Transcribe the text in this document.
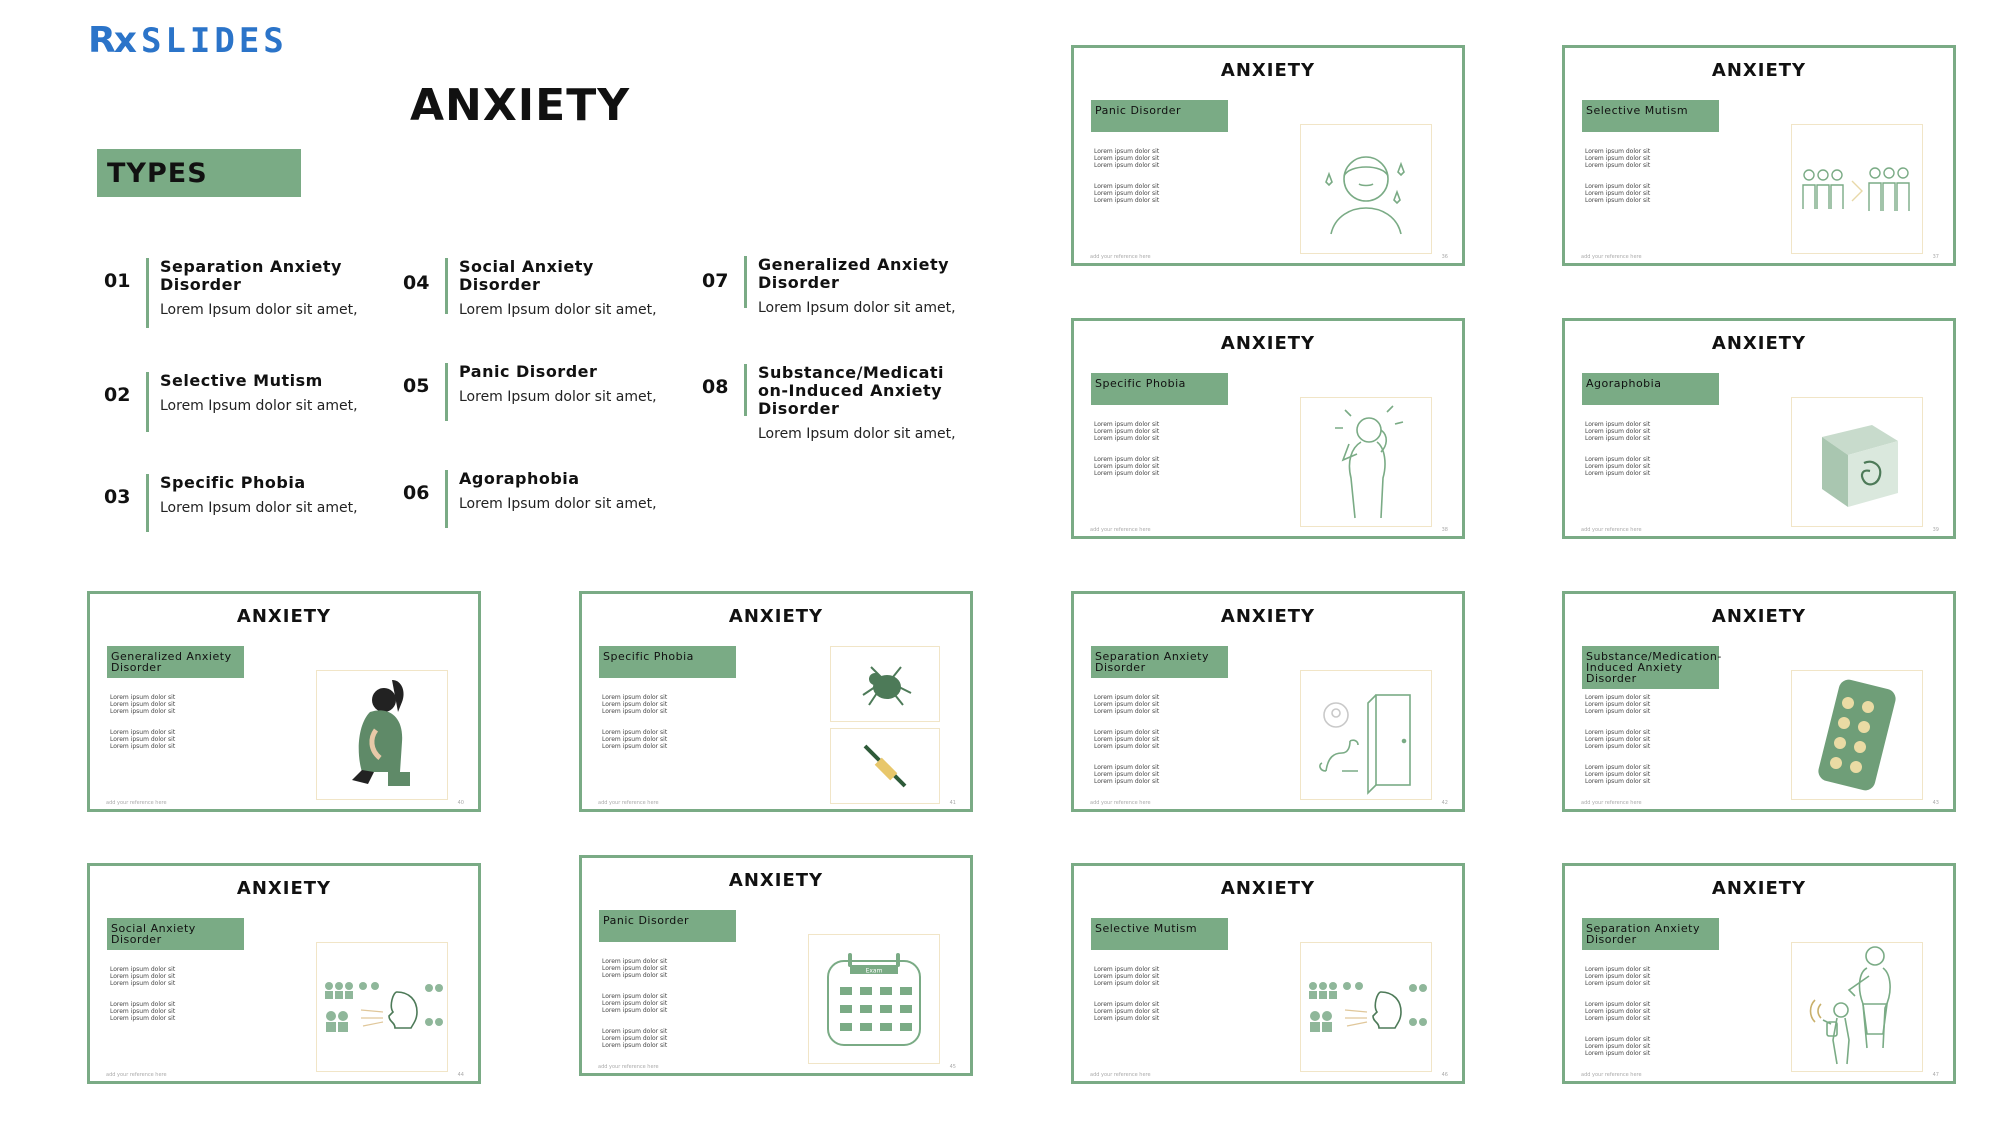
Rx SLIDES
ANXIETY
TYPES
01
Separation Anxiety Disorder
Lorem Ipsum dolor sit amet,
02
Selective Mutism
Lorem Ipsum dolor sit amet,
03
Specific Phobia
Lorem Ipsum dolor sit amet,
04
Social Anxiety Disorder
Lorem Ipsum dolor sit amet,
05
Panic Disorder
Lorem Ipsum dolor sit amet,
06
Agoraphobia
Lorem Ipsum dolor sit amet,
07
Generalized Anxiety Disorder
Lorem Ipsum dolor sit amet,
08
Substance/Medicati on-Induced Anxiety Disorder
Lorem Ipsum dolor sit amet,
ANXIETY
Panic Disorder
Lorem ipsum dolor sit
Lorem ipsum dolor sit
Lorem ipsum dolor sit
Lorem ipsum dolor sit
Lorem ipsum dolor sit
Lorem ipsum dolor sit
add your reference here	36
ANXIETY
Selective Mutism
Lorem ipsum dolor sit
Lorem ipsum dolor sit
Lorem ipsum dolor sit
Lorem ipsum dolor sit
Lorem ipsum dolor sit
Lorem ipsum dolor sit
add your reference here	37
ANXIETY
Specific Phobia
Lorem ipsum dolor sit
Lorem ipsum dolor sit
Lorem ipsum dolor sit
Lorem ipsum dolor sit
Lorem ipsum dolor sit
Lorem ipsum dolor sit
add your reference here	38
ANXIETY
Agoraphobia
Lorem ipsum dolor sit
Lorem ipsum dolor sit
Lorem ipsum dolor sit
Lorem ipsum dolor sit
Lorem ipsum dolor sit
Lorem ipsum dolor sit
add your reference here	39
ANXIETY
Generalized Anxiety Disorder
Lorem ipsum dolor sit
Lorem ipsum dolor sit
Lorem ipsum dolor sit
Lorem ipsum dolor sit
Lorem ipsum dolor sit
Lorem ipsum dolor sit
add your reference here	40
ANXIETY
Specific Phobia
Lorem ipsum dolor sit
Lorem ipsum dolor sit
Lorem ipsum dolor sit
Lorem ipsum dolor sit
Lorem ipsum dolor sit
Lorem ipsum dolor sit
add your reference here	41
ANXIETY
Separation Anxiety Disorder
Lorem ipsum dolor sit
Lorem ipsum dolor sit
Lorem ipsum dolor sit
Lorem ipsum dolor sit
Lorem ipsum dolor sit
Lorem ipsum dolor sit
Lorem ipsum dolor sit
Lorem ipsum dolor sit
Lorem ipsum dolor sit
add your reference here	42
ANXIETY
Substance/Medication-Induced Anxiety Disorder
Lorem ipsum dolor sit
Lorem ipsum dolor sit
Lorem ipsum dolor sit
Lorem ipsum dolor sit
Lorem ipsum dolor sit
Lorem ipsum dolor sit
Lorem ipsum dolor sit
Lorem ipsum dolor sit
Lorem ipsum dolor sit
add your reference here	43
ANXIETY
Social Anxiety Disorder
Lorem ipsum dolor sit
Lorem ipsum dolor sit
Lorem ipsum dolor sit
Lorem ipsum dolor sit
Lorem ipsum dolor sit
Lorem ipsum dolor sit
add your reference here	44
ANXIETY
Panic Disorder
Lorem ipsum dolor sit
Lorem ipsum dolor sit
Lorem ipsum dolor sit
Lorem ipsum dolor sit
Lorem ipsum dolor sit
Lorem ipsum dolor sit
Lorem ipsum dolor sit
Lorem ipsum dolor sit
Lorem ipsum dolor sit
Exam
add your reference here	45
ANXIETY
Selective Mutism
Lorem ipsum dolor sit
Lorem ipsum dolor sit
Lorem ipsum dolor sit
Lorem ipsum dolor sit
Lorem ipsum dolor sit
Lorem ipsum dolor sit
add your reference here	46
ANXIETY
Separation Anxiety Disorder
Lorem ipsum dolor sit
Lorem ipsum dolor sit
Lorem ipsum dolor sit
Lorem ipsum dolor sit
Lorem ipsum dolor sit
Lorem ipsum dolor sit
Lorem ipsum dolor sit
Lorem ipsum dolor sit
Lorem ipsum dolor sit
add your reference here	47
